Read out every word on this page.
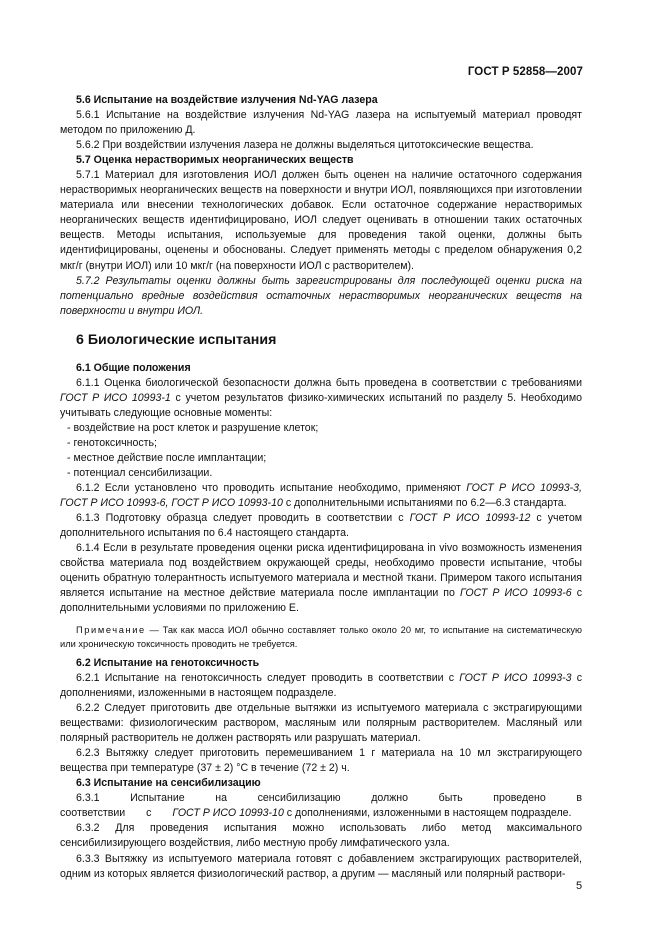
ГОСТ Р 52858—2007

5.6 Испытание на воздействие излучения Nd-YAG лазера

5.6.1 Испытание на воздействие излучения Nd-YAG лазера на испытуемый материал проводят методом по приложению Д.

5.6.2 При воздействии излучения лазера не должны выделяться цитотоксические вещества.

5.7 Оценка нерастворимых неорганических веществ

5.7.1 Материал для изготовления ИОЛ должен быть оценен на наличие остаточного содержания нерастворимых неорганических веществ на поверхности и внутри ИОЛ, появляющихся при изготовлении материала или внесении технологических добавок. Если остаточное содержание нерастворимых неорганических веществ идентифицировано, ИОЛ следует оценивать в отношении таких остаточных веществ. Методы испытания, используемые для проведения такой оценки, должны быть идентифицированы, оценены и обоснованы. Следует применять методы с пределом обнаружения 0,2 мкг/г (внутри ИОЛ) или 10 мкг/г (на поверхности ИОЛ с растворителем).

5.7.2 Результаты оценки должны быть зарегистрированы для последующей оценки риска на потенциально вредные воздействия остаточных нерастворимых неорганических веществ на поверхности и внутри ИОЛ.

6 Биологические испытания

6.1 Общие положения

6.1.1 Оценка биологической безопасности должна быть проведена в соответствии с требованиями ГОСТ Р ИСО 10993-1 с учетом результатов физико-химических испытаний по разделу 5. Необходимо учитывать следующие основные моменты:

- воздействие на рост клеток и разрушение клеток;

- генотоксичность;

- местное действие после имплантации;

- потенциал сенсибилизации.

6.1.2 Если установлено что проводить испытание необходимо, применяют ГОСТ Р ИСО 10993-3, ГОСТ Р ИСО 10993-6, ГОСТ Р ИСО 10993-10 с дополнительными испытаниями по 6.2—6.3 стандарта.

6.1.3 Подготовку образца следует проводить в соответствии с ГОСТ Р ИСО 10993-12 с учетом дополнительного испытания по 6.4 настоящего стандарта.

6.1.4 Если в результате проведения оценки риска идентифицирована in vivo возможность изменения свойства материала под воздействием окружающей среды, необходимо провести испытание, чтобы оценить обратную толерантность испытуемого материала и местной ткани. Примером такого испытания является испытание на местное действие материала после имплантации по ГОСТ Р ИСО 10993-6 с дополнительными условиями по приложению Е.

Примечание — Так как масса ИОЛ обычно составляет только около 20 мг, то испытание на систематическую или хроническую токсичность проводить не требуется.

6.2 Испытание на генотоксичность

6.2.1 Испытание на генотоксичность следует проводить в соответствии с ГОСТ Р ИСО 10993-3 с дополнениями, изложенными в настоящем подразделе.

6.2.2 Следует приготовить две отдельные вытяжки из испытуемого материала с экстрагирующими веществами: физиологическим раствором, масляным или полярным растворителем. Масляный или полярный растворитель не должен растворять или разрушать материал.

6.2.3 Вытяжку следует приготовить перемешиванием 1 г материала на 10 мл экстрагирующего вещества при температуре (37 ± 2) °С в течение (72 ± 2) ч.

6.3 Испытание на сенсибилизацию

6.3.1 Испытание на сенсибилизацию должно быть проведено в соответствии с ГОСТ Р ИСО 10993-10 с дополнениями, изложенными в настоящем подразделе.

6.3.2 Для проведения испытания можно использовать либо метод максимального сенсибилизирующего воздействия, либо местную пробу лимфатического узла.

6.3.3 Вытяжку из испытуемого материала готовят с добавлением экстрагирующих растворителей, одним из которых является физиологический раствор, а другим — масляный или полярный раствори-

5
